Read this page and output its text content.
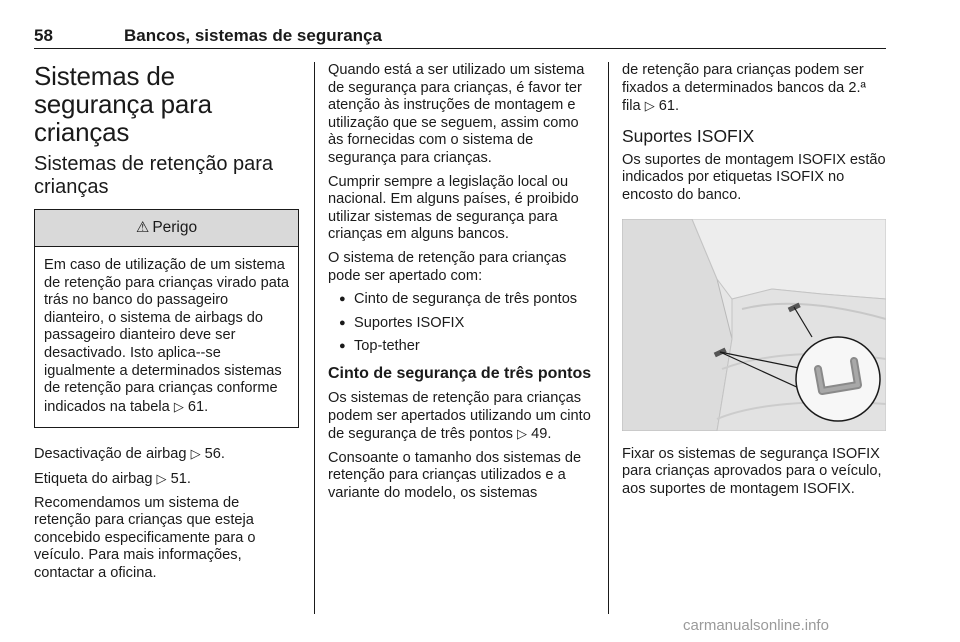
58	Bancos, sistemas de segurança
Sistemas de segurança para crianças
Sistemas de retenção para crianças
⚠ Perigo
Em caso de utilização de um sistema de retenção para crianças virado pata trás no banco do passageiro dianteiro, o sistema de airbags do passageiro dianteiro deve ser desactivado. Isto aplica--se igualmente a determinados sistemas de retenção para crianças conforme indicados na tabela ▷ 61.

Desactivação de airbag ▷ 56.

Etiqueta do airbag ▷ 51.

Recomendamos um sistema de retenção para crianças que esteja concebido especificamente para o veículo. Para mais informações, contactar a oficina.

Quando está a ser utilizado um sistema de segurança para crianças, é favor ter atenção às instruções de montagem e utilização que se seguem, assim como às fornecidas com o sistema de segurança para crianças.

Cumprir sempre a legislação local ou nacional. Em alguns países, é proibido utilizar sistemas de segurança para crianças em alguns bancos.

O sistema de retenção para crianças pode ser apertado com:

● Cinto de segurança de três pontos
● Suportes ISOFIX
● Top-tether
Cinto de segurança de três pontos

Os sistemas de retenção para crianças podem ser apertados utilizando um cinto de segurança de três pontos ▷ 49.

Consoante o tamanho dos sistemas de retenção para crianças utilizados e a variante do modelo, os sistemas

de retenção para crianças podem ser fixados a determinados bancos da 2.ª fila ▷ 61.

Suportes ISOFIX

Os suportes de montagem ISOFIX estão indicados por etiquetas ISOFIX no encosto do banco.

Fixar os sistemas de segurança ISOFIX para crianças aprovados para o veículo, aos suportes de montagem ISOFIX.

carmanualsonline.info
